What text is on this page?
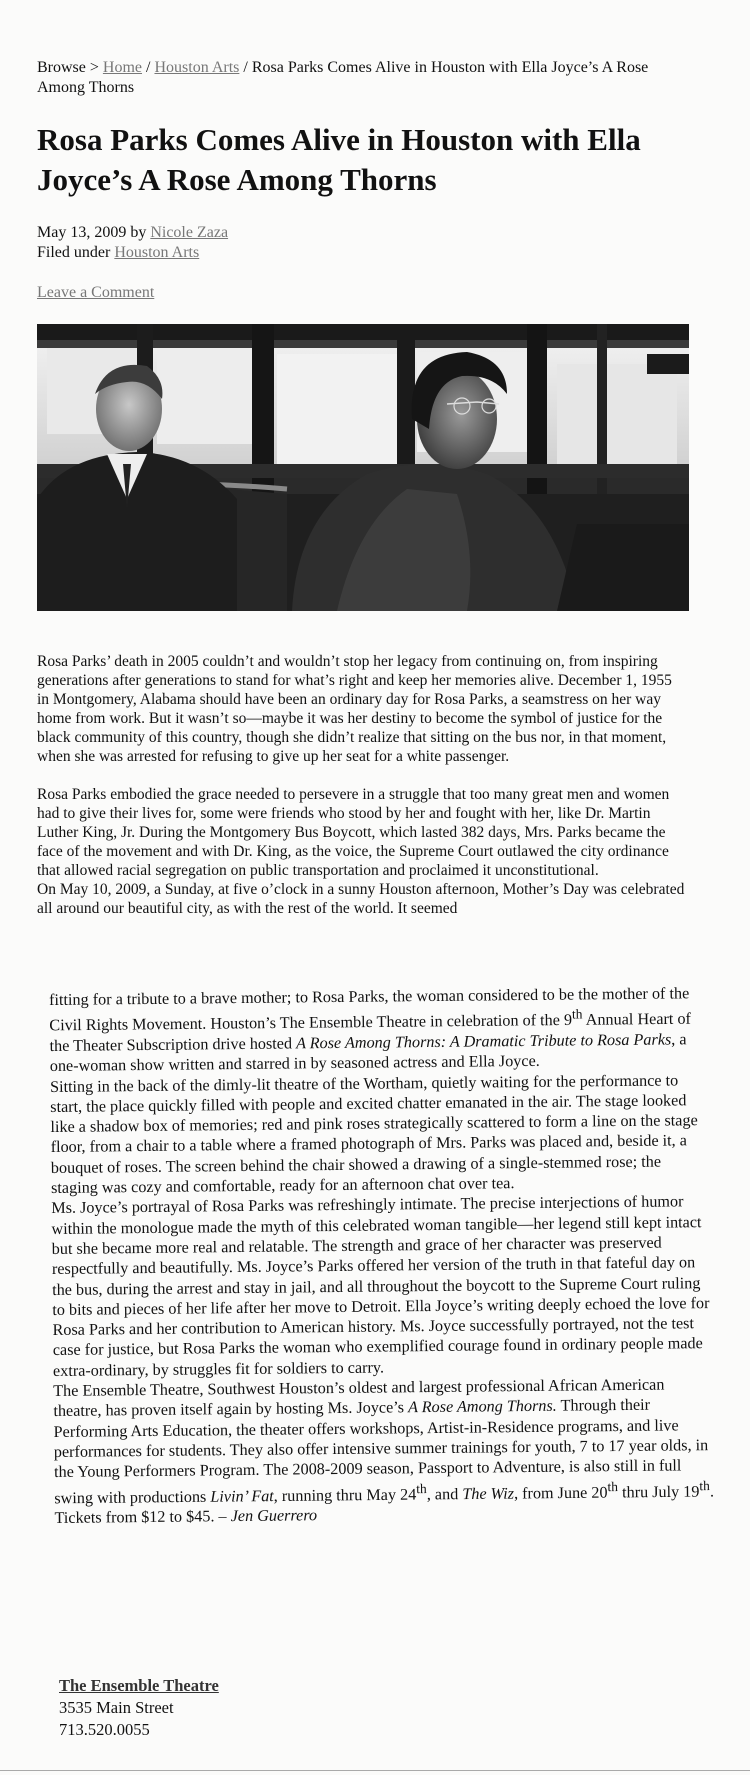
Browse > Home / Houston Arts / Rosa Parks Comes Alive in Houston with Ella Joyce’s A Rose Among Thorns
Rosa Parks Comes Alive in Houston with Ella Joyce’s A Rose Among Thorns
May 13, 2009 by Nicole Zaza
Filed under Houston Arts
Leave a Comment

Rosa Parks’ death in 2005 couldn’t and wouldn’t stop her legacy from continuing on, from inspiring generations after generations to stand for what’s right and keep her memories alive. December 1, 1955 in Montgomery, Alabama should have been an ordinary day for Rosa Parks, a seamstress on her way home from work. But it wasn’t so—maybe it was her destiny to become the symbol of justice for the black community of this country, though she didn’t realize that sitting on the bus nor, in that moment, when she was arrested for refusing to give up her seat for a white passenger.

Rosa Parks embodied the grace needed to persevere in a struggle that too many great men and women had to give their lives for, some were friends who stood by her and fought with her, like Dr. Martin Luther King, Jr. During the Montgomery Bus Boycott, which lasted 382 days, Mrs. Parks became the face of the movement and with Dr. King, as the voice, the Supreme Court outlawed the city ordinance that allowed racial segregation on public transportation and proclaimed it unconstitutional.

On May 10, 2009, a Sunday, at five o’clock in a sunny Houston afternoon, Mother’s Day was celebrated all around our beautiful city, as with the rest of the world. It seemed

fitting for a tribute to a brave mother; to Rosa Parks, the woman considered to be the mother of the Civil Rights Movement. Houston’s The Ensemble Theatre in celebration of the 9th Annual Heart of the Theater Subscription drive hosted A Rose Among Thorns: A Dramatic Tribute to Rosa Parks, a one-woman show written and starred in by seasoned actress and Ella Joyce.

Sitting in the back of the dimly-lit theatre of the Wortham, quietly waiting for the performance to start, the place quickly filled with people and excited chatter emanated in the air. The stage looked like a shadow box of memories; red and pink roses strategically scattered to form a line on the stage floor, from a chair to a table where a framed photograph of Mrs. Parks was placed and, beside it, a bouquet of roses. The screen behind the chair showed a drawing of a single-stemmed rose; the staging was cozy and comfortable, ready for an afternoon chat over tea.

Ms. Joyce’s portrayal of Rosa Parks was refreshingly intimate. The precise interjections of humor within the monologue made the myth of this celebrated woman tangible—her legend still kept intact but she became more real and relatable. The strength and grace of her character was preserved respectfully and beautifully. Ms. Joyce’s Parks offered her version of the truth in that fateful day on the bus, during the arrest and stay in jail, and all throughout the boycott to the Supreme Court ruling to bits and pieces of her life after her move to Detroit. Ella Joyce’s writing deeply echoed the love for Rosa Parks and her contribution to American history. Ms. Joyce successfully portrayed, not the test case for justice, but Rosa Parks the woman who exemplified courage found in ordinary people made extra-ordinary, by struggles fit for soldiers to carry.

The Ensemble Theatre, Southwest Houston’s oldest and largest professional African American theatre, has proven itself again by hosting Ms. Joyce’s A Rose Among Thorns. Through their Performing Arts Education, the theater offers workshops, Artist-in-Residence programs, and live performances for students. They also offer intensive summer trainings for youth, 7 to 17 year olds, in the Young Performers Program. The 2008-2009 season, Passport to Adventure, is also still in full swing with productions Livin’ Fat, running thru May 24th, and The Wiz, from June 20th thru July 19th. Tickets from $12 to $45. – Jen Guerrero

The Ensemble Theatre
3535 Main Street
713.520.0055
